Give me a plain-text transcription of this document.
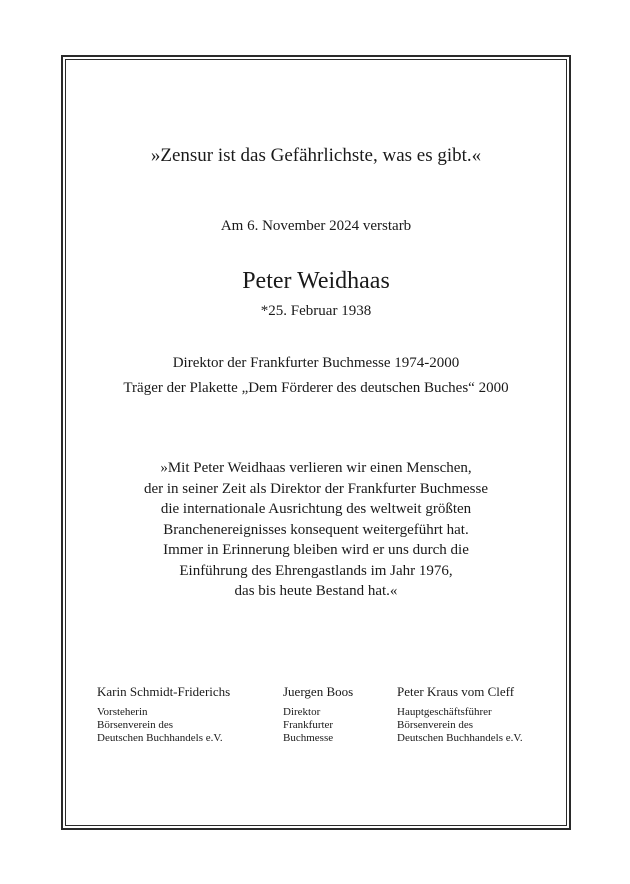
»Zensur ist das Gefährlichste, was es gibt.«
Am 6. November 2024 verstarb
Peter Weidhaas
*25. Februar 1938
Direktor der Frankfurter Buchmesse 1974-2000
Träger der Plakette „Dem Förderer des deutschen Buches“ 2000
»Mit Peter Weidhaas verlieren wir einen Menschen,
der in seiner Zeit als Direktor der Frankfurter Buchmesse
die internationale Ausrichtung des weltweit größten
Branchenereignisses konsequent weitergeführt hat.
Immer in Erinnerung bleiben wird er uns durch die
Einführung des Ehrengastlands im Jahr 1976,
das bis heute Bestand hat.«
Karin Schmidt-Friderichs
Vorsteherin
Börsenverein des
Deutschen Buchhandels e.V.
Juergen Boos
Direktor
Frankfurter
Buchmesse
Peter Kraus vom Cleff
Hauptgeschäftsführer
Börsenverein des
Deutschen Buchhandels e.V.
